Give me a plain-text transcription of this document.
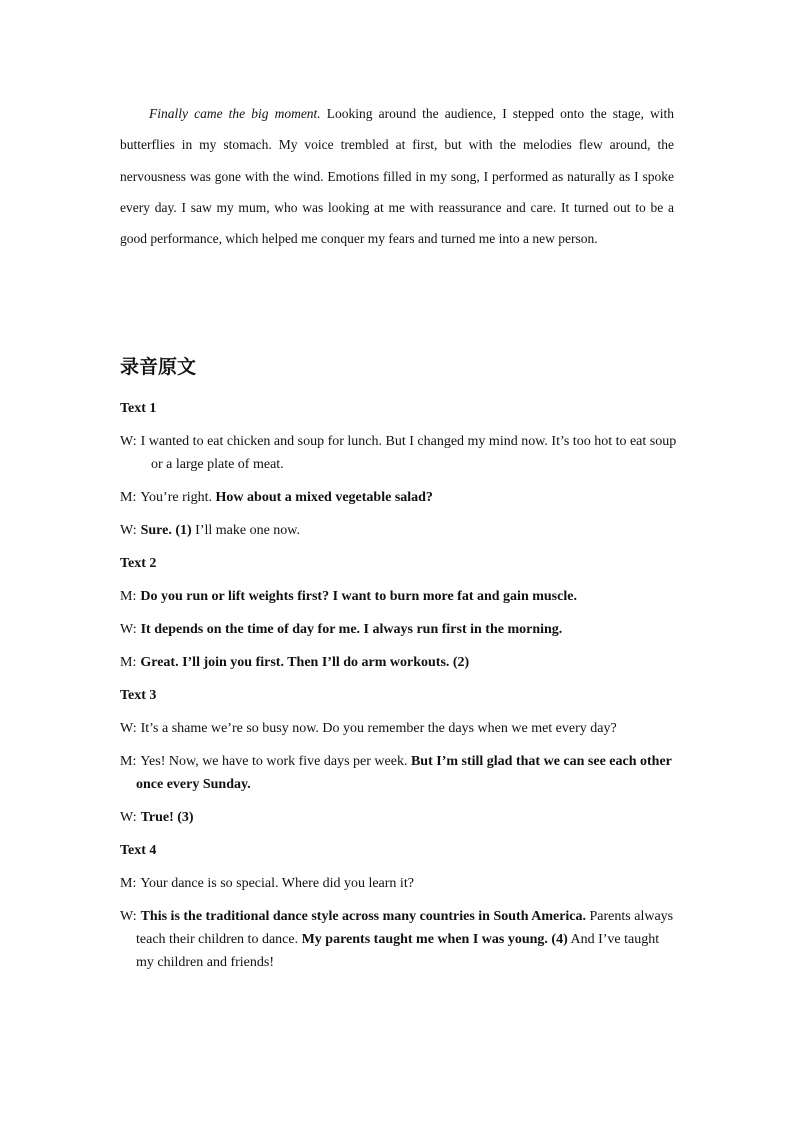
Finally came the big moment. Looking around the audience, I stepped onto the stage, with butterflies in my stomach. My voice trembled at first, but with the melodies flew around, the nervousness was gone with the wind. Emotions filled in my song, I performed as naturally as I spoke every day. I saw my mum, who was looking at me with reassurance and care. It turned out to be a good performance, which helped me conquer my fears and turned me into a new person.

录音原文

Text 1

W: I wanted to eat chicken and soup for lunch. But I changed my mind now. It’s too hot to eat soup or a large plate of meat.

M: You’re right. How about a mixed vegetable salad?

W: Sure. (1) I’ll make one now.

Text 2

M: Do you run or lift weights first? I want to burn more fat and gain muscle.

W: It depends on the time of day for me. I always run first in the morning.

M: Great. I’ll join you first. Then I’ll do arm workouts. (2)

Text 3

W: It’s a shame we’re so busy now. Do you remember the days when we met every day?

M: Yes! Now, we have to work five days per week. But I’m still glad that we can see each other once every Sunday.

W: True! (3)

Text 4

M: Your dance is so special. Where did you learn it?

W: This is the traditional dance style across many countries in South America. Parents always teach their children to dance. My parents taught me when I was young. (4) And I’ve taught my children and friends!
